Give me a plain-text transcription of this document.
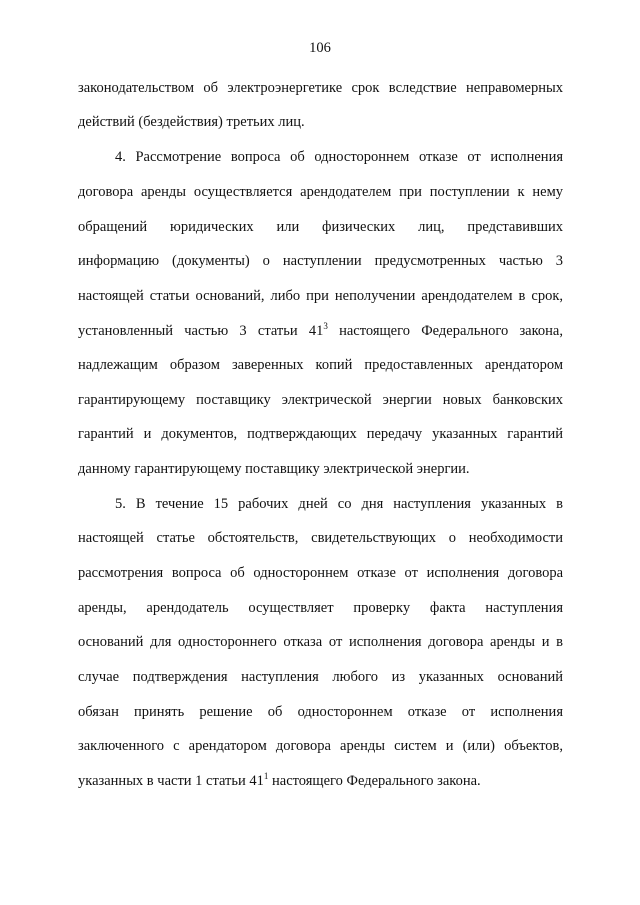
106
законодательством об электроэнергетике срок вследствие неправомерных
действий (бездействия) третьих лиц.
4. Рассмотрение вопроса об одностороннем отказе от исполнения
договора аренды осуществляется арендодателем при поступлении к нему
обращений юридических или физических лиц, представивших
информацию (документы) о наступлении предусмотренных частью 3
настоящей статьи оснований, либо при неполучении арендодателем в срок,
установленный частью 3 статьи $41^3$ настоящего Федерального закона,
надлежащим образом заверенных копий предоставленных арендатором
гарантирующему поставщику электрической энергии новых банковских
гарантий и документов, подтверждающих передачу указанных гарантий
данному гарантирующему поставщику электрической энергии.
5. В течение 15 рабочих дней со дня наступления указанных в
настоящей статье обстоятельств, свидетельствующих о необходимости
рассмотрения вопроса об одностороннем отказе от исполнения договора
аренды, арендодатель осуществляет проверку факта наступления
оснований для одностороннего отказа от исполнения договора аренды и в
случае подтверждения наступления любого из указанных оснований
обязан принять решение об одностороннем отказе от исполнения
заключенного с арендатором договора аренды систем и (или) объектов,
указанных в части 1 статьи $41^1$ настоящего Федерального закона.
